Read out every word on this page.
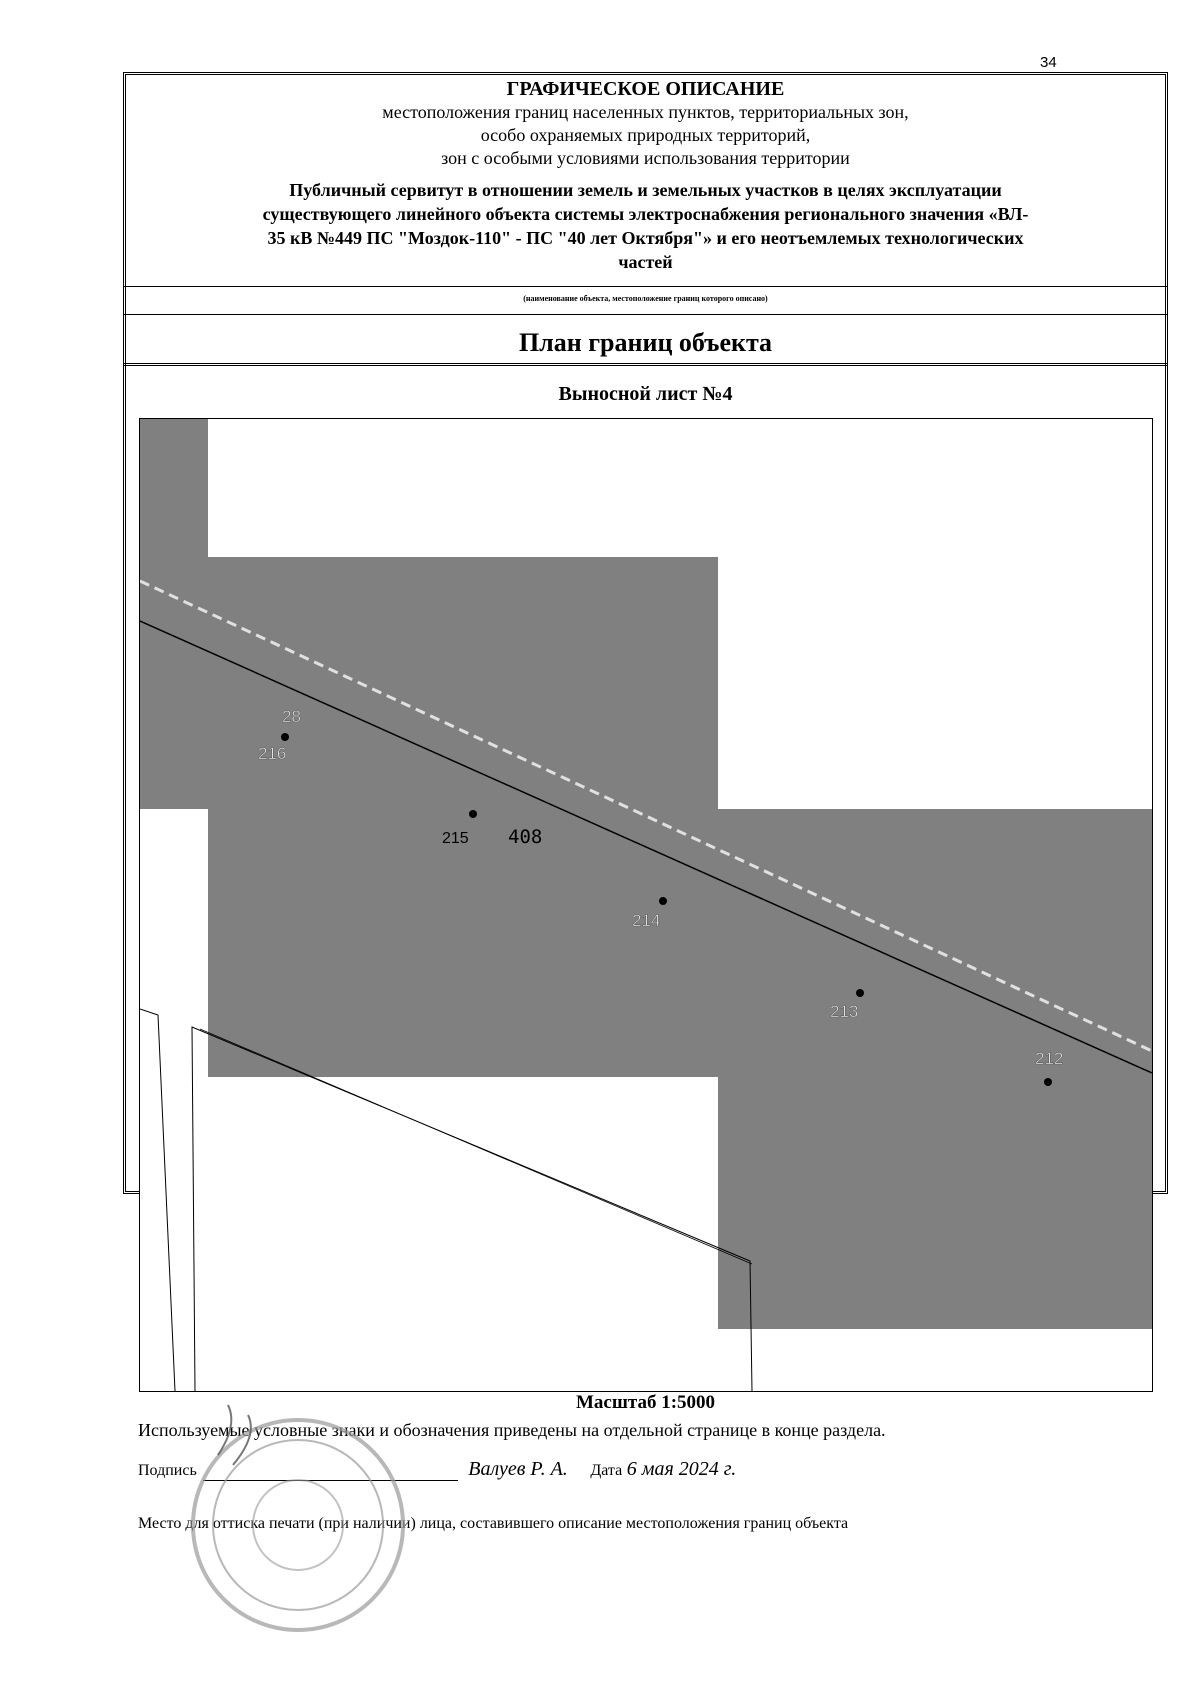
34
ГРАФИЧЕСКОЕ ОПИСАНИЕ
местоположения границ населенных пунктов, территориальных зон,
особо охраняемых природных территорий,
зон с особыми условиями использования территории
Публичный сервитут в отношении земель и земельных участков в целях эксплуатации
существующего линейного объекта системы электроснабжения регионального значения «ВЛ-
35 кВ №449 ПС "Моздок-110" - ПС "40 лет Октября"» и его неотъемлемых технологических
частей
(наименование объекта, местоположение границ которого описано)
План границ объекта
Выносной лист №4
28
216
215 408
214
213
212
Масштаб 1:5000
Используемые условные знаки и обозначения приведены на отдельной странице в конце раздела.
Подпись	Валуев Р. А. Дата 6 мая 2024 г.
Место для оттиска печати (при наличии) лица, составившего описание местоположения границ объекта
